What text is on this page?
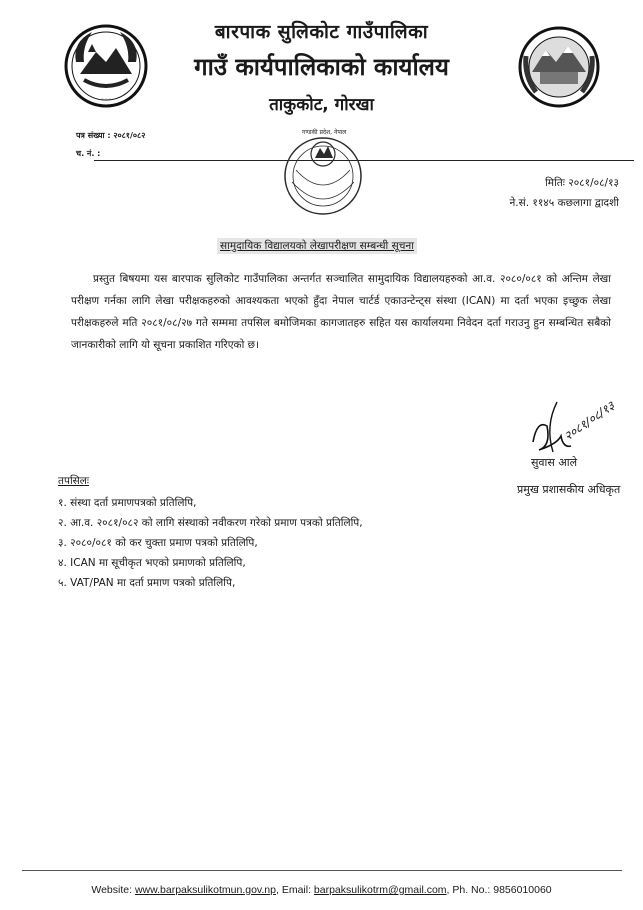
· · ·
बारपाक सुलिकोट गाउँपालिका
गाउँ कार्यपालिकाको कार्यालय
ताकुकोट, गोरखा
पत्र संख्या : २०८१/०८२	गण्डकी प्रदेश, नेपाल
च. नं. :
मितिः २०८१/०८/१३
ने.सं. ११४५ कछलागा द्वादशी
सामुदायिक विद्यालयको लेखापरीक्षण सम्बन्धी सूचना
प्रस्तुत बिषयमा यस बारपाक सुलिकोट गाउँपालिका अन्तर्गत सञ्चालित सामुदायिक विद्यालयहरुको आ.व. २०८०/०८१ को अन्तिम लेखा परीक्षण गर्नका लागि लेखा परीक्षकहरुको आवश्यकता भएको हुँदा नेपाल चार्टर्ड एकाउन्टेन्ट्स संस्था (ICAN) मा दर्ता भएका इच्छुक लेखा परीक्षकहरुले मति २०८१/०८/२७ गते सम्ममा तपसिल बमोजिमका कागजातहरु सहित यस कार्यालयमा निवेदन दर्ता गराउनु हुन सम्बन्धित सबैको जानकारीको लागि यो सूचना प्रकाशित गरिएको छ।
२०८१/०८/१३
सुवास आले
प्रमुख प्रशासकीय अधिकृत
तपसिलः
१. संस्था दर्ता प्रमाणपत्रको प्रतिलिपि,
२. आ.व. २०८१/०८२ को लागि संस्थाको नवीकरण गरेको प्रमाण पत्रको प्रतिलिपि,
३. २०८०/०८१ को कर चुक्ता प्रमाण पत्रको प्रतिलिपि,
४. ICAN मा सूचीकृत भएको प्रमाणको प्रतिलिपि,
५. VAT/PAN मा दर्ता प्रमाण पत्रको प्रतिलिपि,
Website: www.barpaksulikotmun.gov.np, Email: barpaksulikotrm@gmail.com, Ph. No.: 9856010060
